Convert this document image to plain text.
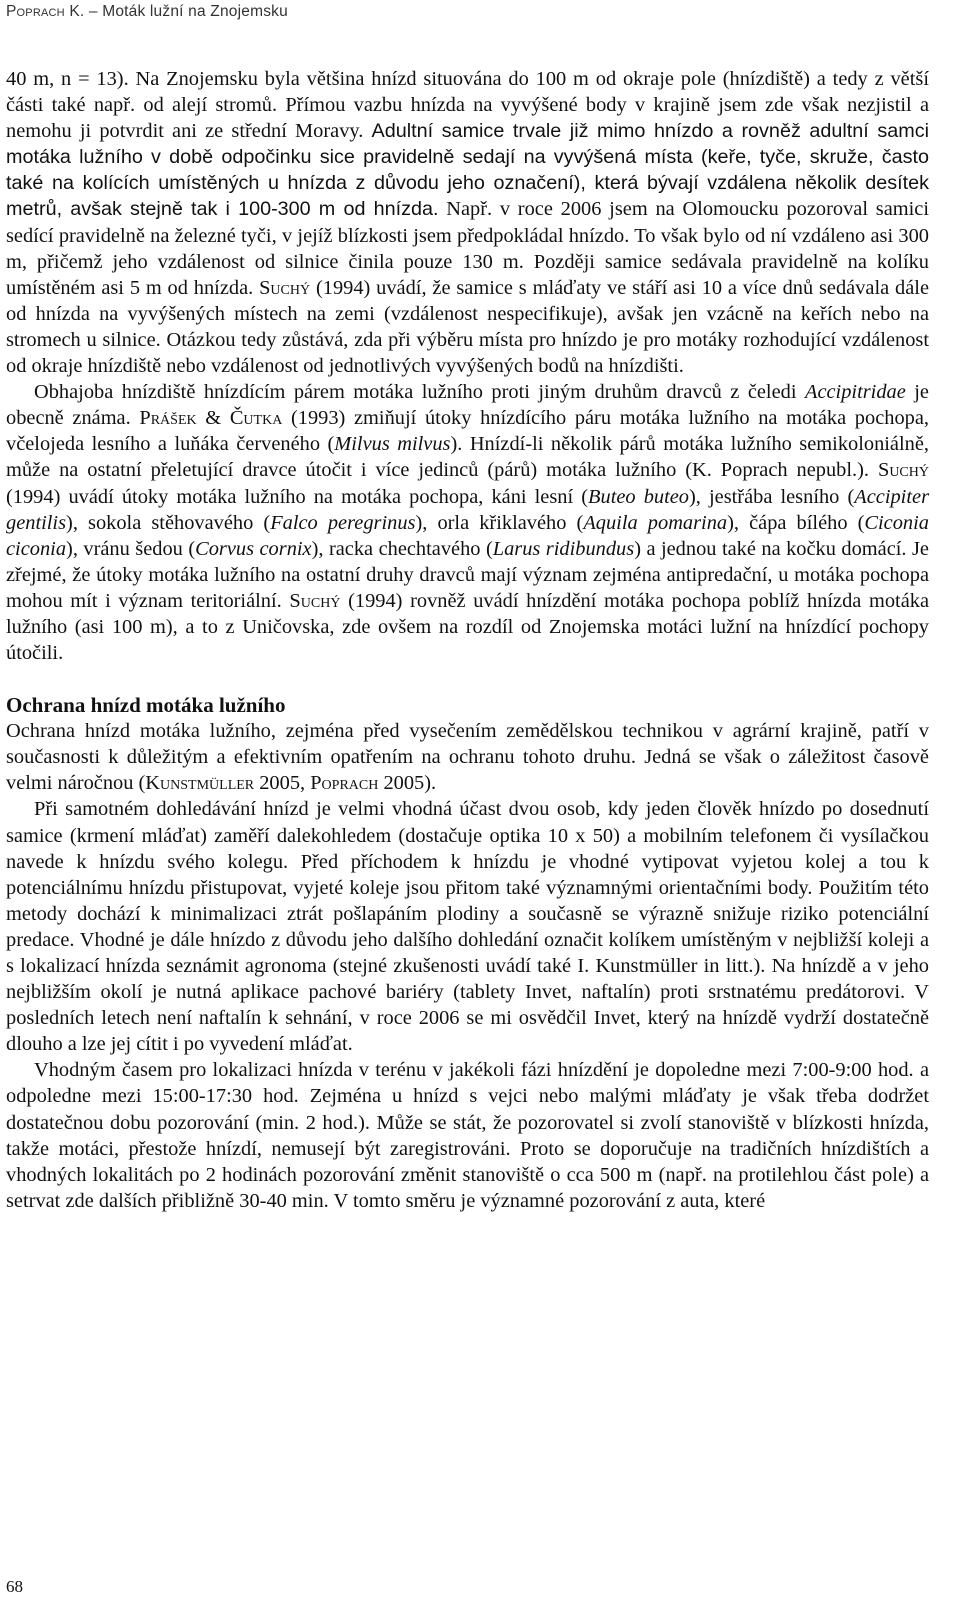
Poprach K. – Moták lužní na Znojemsku

40 m, n = 13). Na Znojemsku byla většina hnízd situována do 100 m od okraje pole (hnízdiště) a tedy z větší části také např. od alejí stromů. Přímou vazbu hnízda na vyvýšené body v krajině jsem zde však nezjistil a nemohu ji potvrdit ani ze střední Moravy. Adultní samice trvale již mimo hnízdo a rovněž adultní samci motáka lužního v době odpočinku sice pravidelně sedají na vyvýšená místa (keře, tyče, skruže, často také na kolících umístěných u hnízda z důvodu jeho označení), která bývají vzdálena několik desítek metrů, avšak stejně tak i 100-300 m od hnízda. Např. v roce 2006 jsem na Olomoucku pozoroval samici sedící pravidelně na železné tyči, v jejíž blízkosti jsem předpokládal hnízdo. To však bylo od ní vzdáleno asi 300 m, přičemž jeho vzdálenost od silnice činila pouze 130 m. Později samice sedávala pravidelně na kolíku umístěném asi 5 m od hnízda. Suchý (1994) uvádí, že samice s mláďaty ve stáří asi 10 a více dnů sedávala dále od hnízda na vyvýšených místech na zemi (vzdálenost nespecifikuje), avšak jen vzácně na keřích nebo na stromech u silnice. Otázkou tedy zůstává, zda při výběru místa pro hnízdo je pro motáky rozhodující vzdálenost od okraje hnízdiště nebo vzdálenost od jednotlivých vyvýšených bodů na hnízdišti.

Obhajoba hnízdiště hnízdícím párem motáka lužního proti jiným druhům dravců z čeledi Accipitridae je obecně známa. Prášek & Čutka (1993) zmiňují útoky hnízdícího páru motáka lužního na motáka pochopa, včelojeda lesního a luňáka červeného (Milvus milvus). Hnízdí-li několik párů motáka lužního semikoloniálně, může na ostatní přeletující dravce útočit i více jedinců (párů) motáka lužního (K. Poprach nepubl.). Suchý (1994) uvádí útoky motáka lužního na motáka pochopa, káni lesní (Buteo buteo), jestřába lesního (Accipiter gentilis), sokola stěhovavého (Falco peregrinus), orla křiklavého (Aquila pomarina), čápa bílého (Ciconia ciconia), vránu šedou (Corvus cornix), racka chechtavého (Larus ridibundus) a jednou také na kočku domácí. Je zřejmé, že útoky motáka lužního na ostatní druhy dravců mají význam zejména antipredační, u motáka pochopa mohou mít i význam teritoriální. Suchý (1994) rovněž uvádí hnízdění motáka pochopa poblíž hnízda motáka lužního (asi 100 m), a to z Uničovska, zde ovšem na rozdíl od Znojemska motáci lužní na hnízdící pochopy útočili.

Ochrana hnízd motáka lužního

Ochrana hnízd motáka lužního, zejména před vysečením zemědělskou technikou v agrární krajině, patří v současnosti k důležitým a efektivním opatřením na ochranu tohoto druhu. Jedná se však o záležitost časově velmi náročnou (Kunstmüller 2005, Poprach 2005).

Při samotném dohledávání hnízd je velmi vhodná účast dvou osob, kdy jeden člověk hnízdo po dosednutí samice (krmení mláďat) zaměří dalekohledem (dostačuje optika 10 x 50) a mobilním telefonem či vysílačkou navede k hnízdu svého kolegu. Před příchodem k hnízdu je vhodné vytipovat vyjetou kolej a tou k potenciálnímu hnízdu přistupovat, vyjeté koleje jsou přitom také významnými orientačními body. Použitím této metody dochází k minimalizaci ztrát pošlapáním plodiny a současně se výrazně snižuje riziko potenciální predace. Vhodné je dále hnízdo z důvodu jeho dalšího dohledání označit kolíkem umístěným v nejbližší koleji a s lokalizací hnízda seznámit agronoma (stejné zkušenosti uvádí také I. Kunstmüller in litt.). Na hnízdě a v jeho nejbližším okolí je nutná aplikace pachové bariéry (tablety Invet, naftalín) proti srstnatému predátorovi. V posledních letech není naftalín k sehnání, v roce 2006 se mi osvědčil Invet, který na hnízdě vydrží dostatečně dlouho a lze jej cítit i po vyvedení mláďat.

Vhodným časem pro lokalizaci hnízda v terénu v jakékoli fázi hnízdění je dopoledne mezi 7:00-9:00 hod. a odpoledne mezi 15:00-17:30 hod. Zejména u hnízd s vejci nebo malými mláďaty je však třeba dodržet dostatečnou dobu pozorování (min. 2 hod.). Může se stát, že pozorovatel si zvolí stanoviště v blízkosti hnízda, takže motáci, přestože hnízdí, nemusejí být zaregistrováni. Proto se doporučuje na tradičních hnízdištích a vhodných lokalitách po 2 hodinách pozorování změnit stanoviště o cca 500 m (např. na protilehlou část pole) a setrvat zde dalších přibližně 30-40 min. V tomto směru je významné pozorování z auta, které

68
